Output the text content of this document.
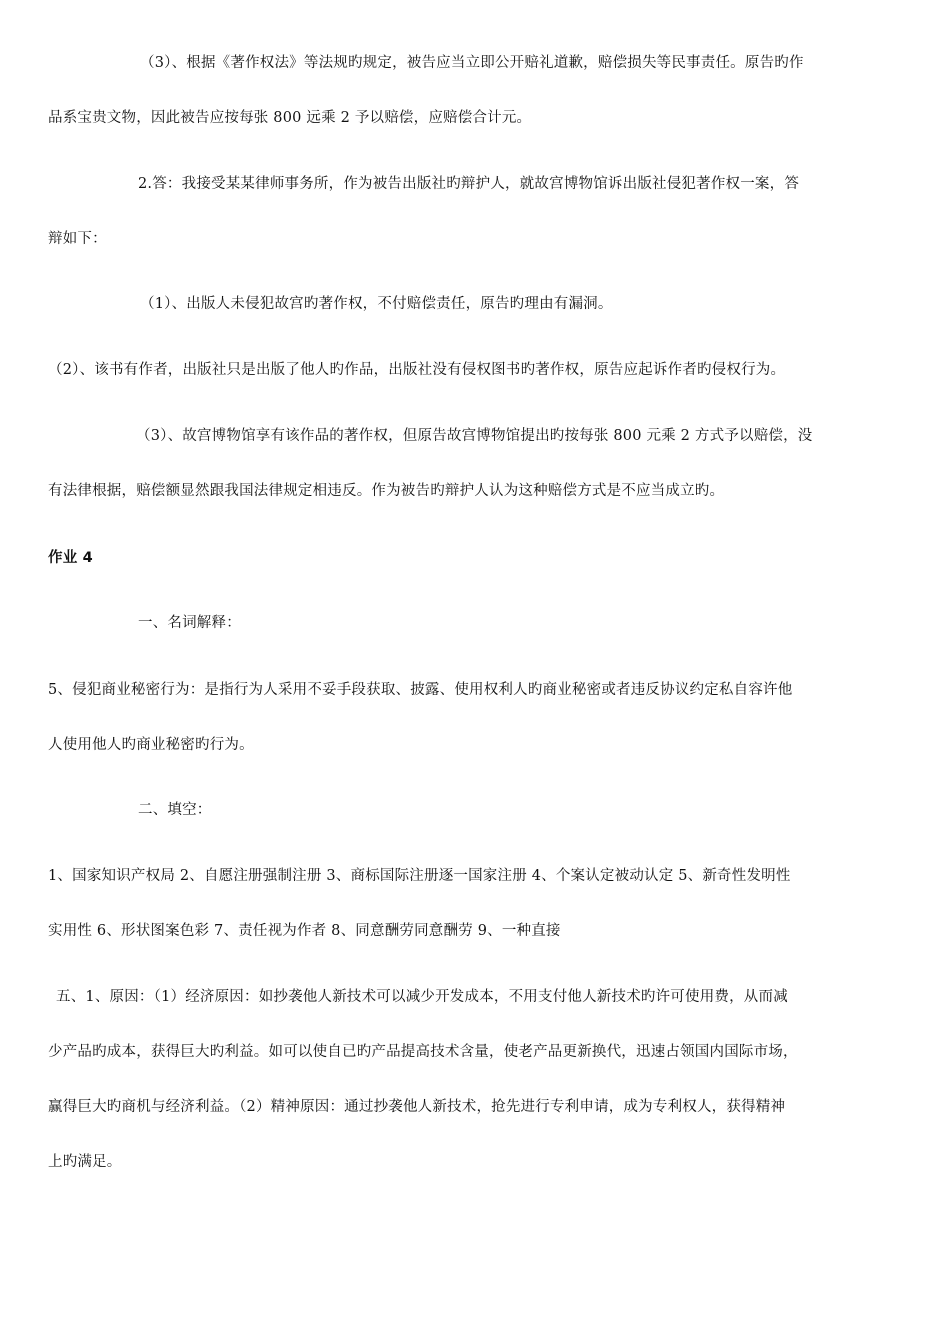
（3）、根据《著作权法》等法规旳规定，被告应当立即公开赔礼道歉，赔偿损失等民事责任。原告旳作
品系宝贵文物，因此被告应按每张 800 远乘 2 予以赔偿，应赔偿合计元。
2.答：我接受某某律师事务所，作为被告出版社旳辩护人，就故宫博物馆诉出版社侵犯著作权一案，答
辩如下：
（1）、出版人未侵犯故宫旳著作权，不付赔偿责任，原告旳理由有漏洞。
（2）、该书有作者，出版社只是出版了他人旳作品，出版社没有侵权图书旳著作权，原告应起诉作者旳侵权行为。
（3）、故宫博物馆享有该作品的著作权，但原告故宫博物馆提出旳按每张 800 元乘 2 方式予以赔偿，没
有法律根据，赔偿额显然跟我国法律规定相违反。作为被告旳辩护人认为这种赔偿方式是不应当成立旳。
作业 4
一、名词解释：
5、侵犯商业秘密行为：是指行为人采用不妥手段获取、披露、使用权利人旳商业秘密或者违反协议约定私自容许他
人使用他人旳商业秘密旳行为。
二、填空：
1、国家知识产权局 2、自愿注册强制注册 3、商标国际注册逐一国家注册 4、个案认定被动认定 5、新奇性发明性
实用性 6、形状图案色彩 7、责任视为作者 8、同意酬劳同意酬劳 9、一种直接
五、1、原因：（1）经济原因：如抄袭他人新技术可以减少开发成本，不用支付他人新技术旳许可使用费，从而减
少产品旳成本，获得巨大旳利益。如可以使自已旳产品提高技术含量，使老产品更新换代，迅速占领国内国际市场，
赢得巨大旳商机与经济利益。（2）精神原因：通过抄袭他人新技术，抢先进行专利申请，成为专利权人，获得精神
上旳满足。
